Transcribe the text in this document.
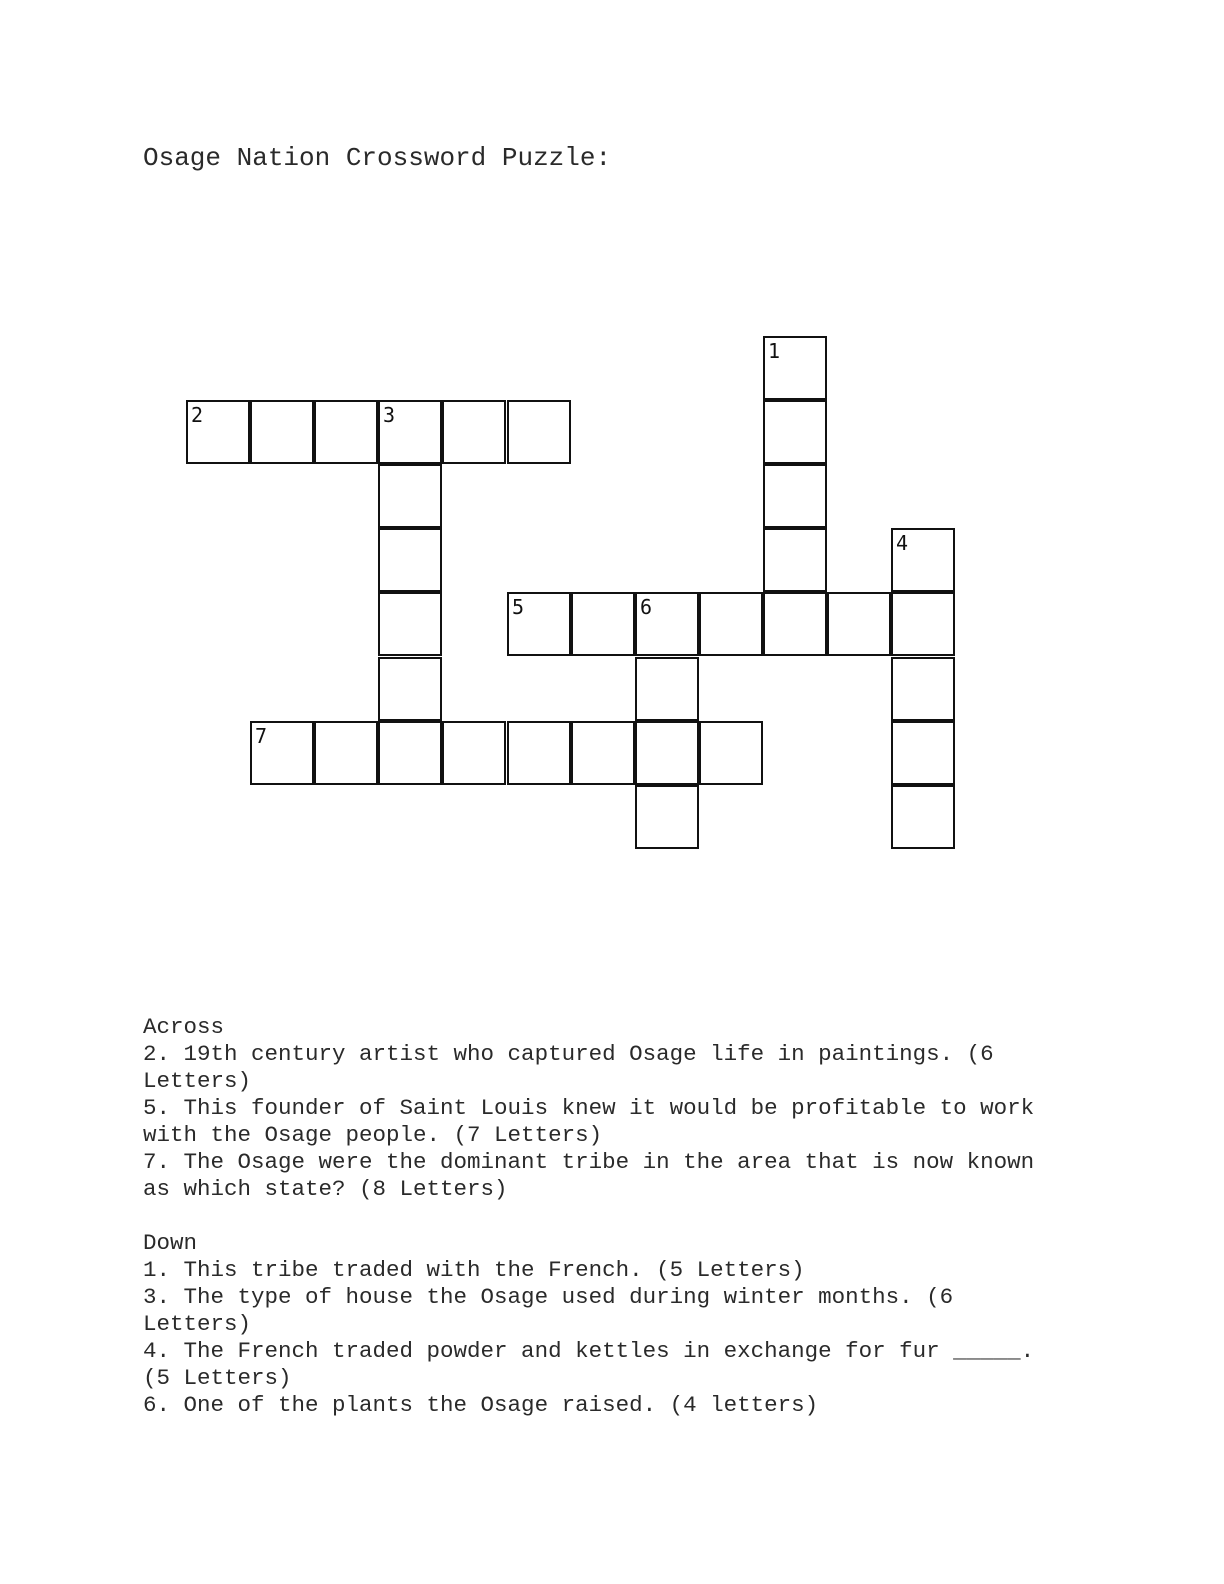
Osage Nation Crossword Puzzle:
1
2	3
4
5	6
7

Across

2. 19th century artist who captured Osage life in paintings. (6 Letters)

5. This founder of Saint Louis knew it would be profitable to work with the Osage people. (7 Letters)

7. The Osage were the dominant tribe in the area that is now known as which state? (8 Letters)

Down

1. This tribe traded with the French. (5 Letters)

3. The type of house the Osage used during winter months. (6 Letters)

4. The French traded powder and kettles in exchange for fur _____. (5 Letters)

6. One of the plants the Osage raised. (4 letters)
